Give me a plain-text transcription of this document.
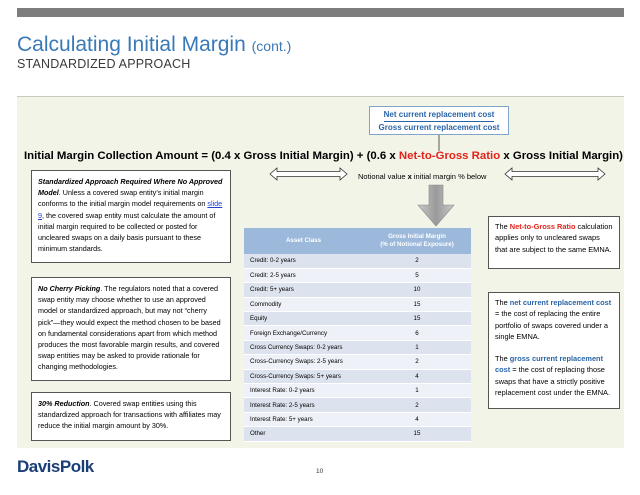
Calculating Initial Margin (cont.)
STANDARDIZED APPROACH
Net current replacement cost
Gross current replacement cost
Initial Margin Collection Amount = (0.4 x Gross Initial Margin) + (0.6 x Net-to-Gross Ratio x Gross Initial Margin)
Notional value x initial margin % below
Standardized Approach Required Where No Approved Model. Unless a covered swap entity’s initial margin conforms to the initial margin model requirements on slide 9, the covered swap entity must calculate the amount of initial margin required to be collected or posted for uncleared swaps on a daily basis pursuant to these minimum standards.
No Cherry Picking. The regulators noted that a covered swap entity may choose whether to use an approved model or standardized approach, but may not “cherry pick”—they would expect the method chosen to be based on fundamental considerations apart from which method produces the most favorable margin results, and covered swap entities may be asked to provide rationale for changing methodologies.
30% Reduction. Covered swap entities using this standardized approach for transactions with affiliates may reduce the initial margin amount by 30%.
The Net-to-Gross Ratio calculation applies only to uncleared swaps that are subject to the same EMNA.
The net current replacement cost = the cost of replacing the entire portfolio of swaps covered under a single EMNA.
The gross current replacement cost = the cost of replacing those swaps that have a strictly positive replacement cost under the EMNA.
Asset Class	Gross Initial Margin
(% of Notional Exposure)
Credit: 0-2 years	2
Credit: 2-5 years	5
Credit: 5+ years	10
Commodity	15
Equity	15
Foreign Exchange/Currency	6
Cross Currency Swaps: 0-2 years	1
Cross-Currency Swaps: 2-5 years	2
Cross-Currency Swaps: 5+ years	4
Interest Rate: 0-2 years	1
Interest Rate: 2-5 years	2
Interest Rate: 5+ years	4
Other	15
DavisPolk	10
